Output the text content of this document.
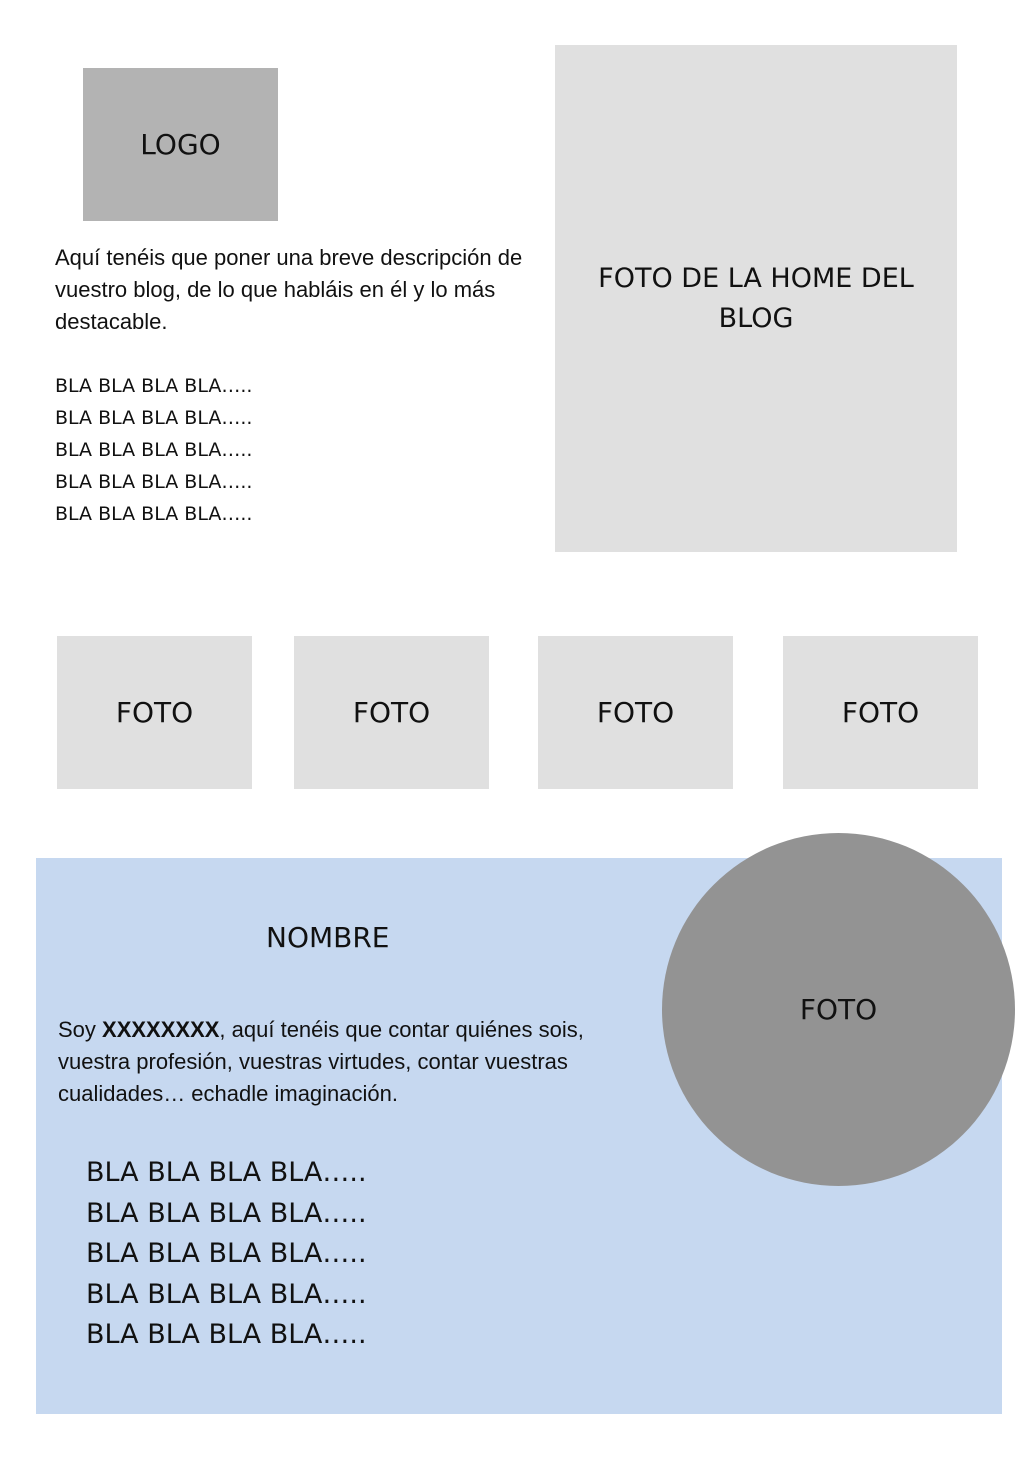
LOGO
Aquí tenéis que poner una breve descripción de vuestro blog, de lo que habláis en él y lo más destacable.
BLA BLA BLA BLA…..
BLA BLA BLA BLA…..
BLA BLA BLA BLA…..
BLA BLA BLA BLA…..
BLA BLA BLA BLA…..
FOTO DE LA HOME DEL BLOG
FOTO	FOTO	FOTO	FOTO
NOMBRE
Soy XXXXXXXX, aquí tenéis que contar quiénes sois, vuestra profesión, vuestras virtudes, contar vuestras cualidades… echadle imaginación.
BLA BLA BLA BLA…..
BLA BLA BLA BLA…..
BLA BLA BLA BLA…..
BLA BLA BLA BLA…..
BLA BLA BLA BLA…..
FOTO
